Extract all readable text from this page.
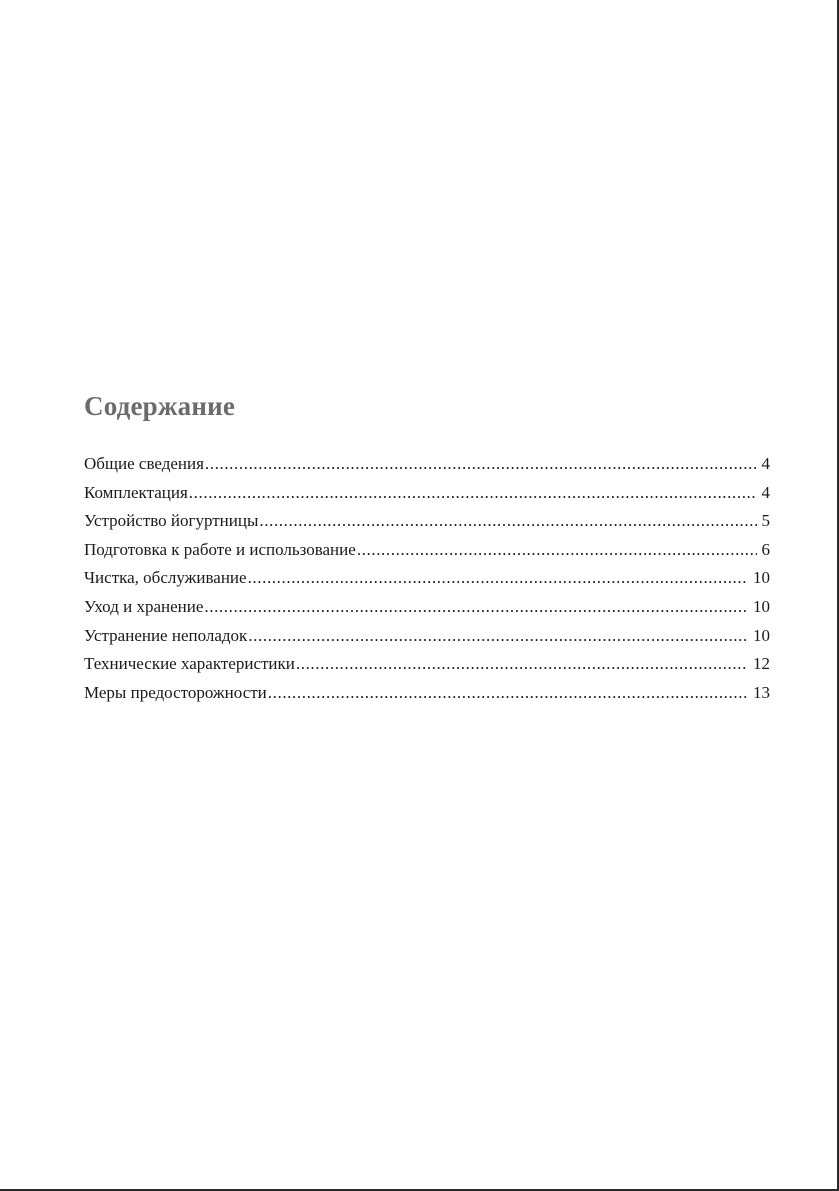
Содержание
Общие сведения .....	4
Комплектация .....	4
Устройство йогуртницы .....	5
Подготовка к работе и использование .....	6
Чистка, обслуживание .....	10
Уход и хранение .....	10
Устранение неполадок .....	10
Технические характеристики .....	12
Меры предосторожности .....	13
